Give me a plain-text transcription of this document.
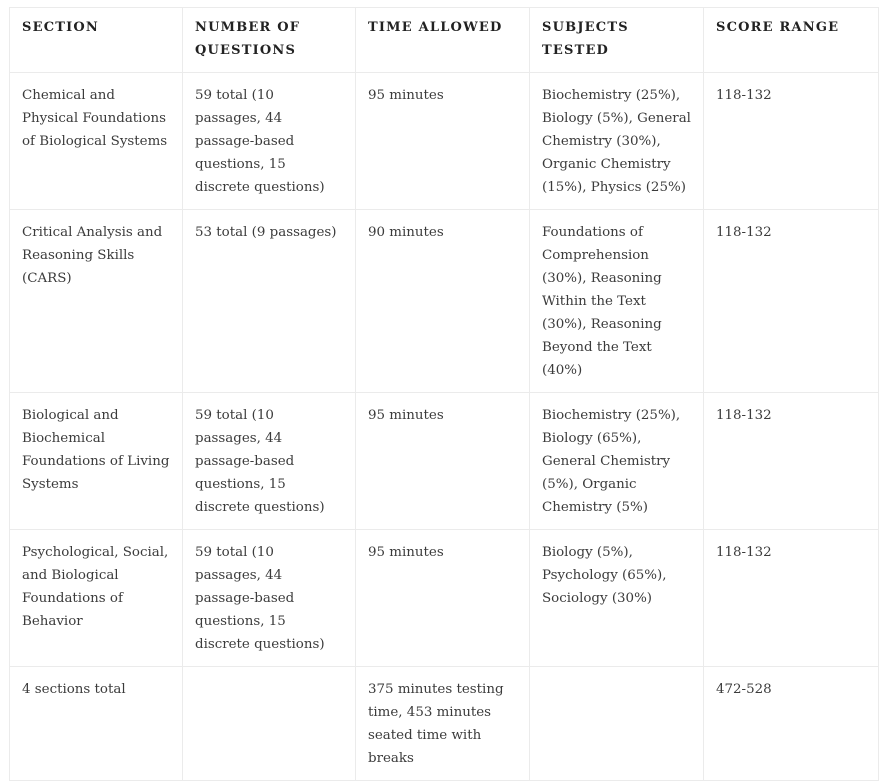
SECTION	NUMBER OF QUESTIONS	TIME ALLOWED	SUBJECTS TESTED	SCORE RANGE
Chemical and Physical Foundations of Biological Systems	59 total (10 passages, 44 passage-based questions, 15 discrete questions)	95 minutes	Biochemistry (25%), Biology (5%), General Chemistry (30%), Organic Chemistry (15%), Physics (25%)	118-132
Critical Analysis and Reasoning Skills (CARS)	53 total (9 passages)	90 minutes	Foundations of Comprehension (30%), Reasoning Within the Text (30%), Reasoning Beyond the Text (40%)	118-132
Biological and Biochemical Foundations of Living Systems	59 total (10 passages, 44 passage-based questions, 15 discrete questions)	95 minutes	Biochemistry (25%), Biology (65%), General Chemistry (5%), Organic Chemistry (5%)	118-132
Psychological, Social, and Biological Foundations of Behavior	59 total (10 passages, 44 passage-based questions, 15 discrete questions)	95 minutes	Biology (5%), Psychology (65%), Sociology (30%)	118-132
4 sections total		375 minutes testing time, 453 minutes seated time with breaks		472-528
